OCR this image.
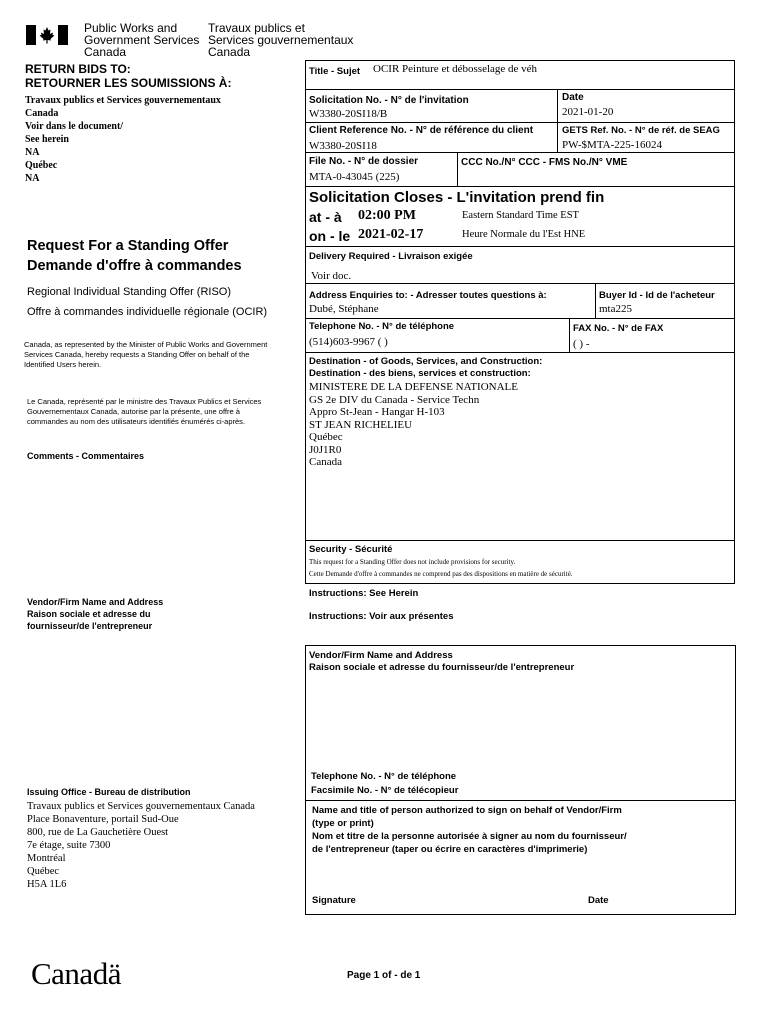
Public Works and
Government Services
Canada
Travaux publics et
Services gouvernementaux
Canada
RETURN BIDS TO:
RETOURNER LES SOUMISSIONS À:
Travaux publics et Services gouvernementaux
Canada
Voir dans le document/
See herein
NA
Québec
NA
Request For a Standing Offer
Demande d'offre à commandes
Regional Individual Standing Offer (RISO)
Offre à commandes individuelle régionale (OCIR)
Canada, as represented by the Minister of Public Works and Government Services Canada, hereby requests a Standing Offer on behalf of the Identified Users herein.
Le Canada, représenté par le ministre des Travaux Publics et Services Gouvernementaux Canada, autorise par la présente, une offre à commandes au nom des utilisateurs identifiés énumérés ci-après.
Comments - Commentaires
Vendor/Firm Name and Address
Raison sociale et adresse du
fournisseur/de l'entrepreneur
Issuing Office - Bureau de distribution
Travaux publics et Services gouvernementaux Canada
Place Bonaventure, portail Sud-Oue
800, rue de La Gauchetière Ouest
7e étage, suite 7300
Montréal
Québec
H5A 1L6
Title - Sujet OCIR Peinture et débosselage de véh
Solicitation No. - N° de l'invitation
W3380-20SI18/B
Date
2021-01-20
Client Reference No. - N° de référence du client
W3380-20SI18
GETS Ref. No. - N° de réf. de SEAG
PW-$MTA-225-16024
File No. - N° de dossier
MTA-0-43045 (225)
CCC No./N° CCC - FMS No./N° VME
Solicitation Closes - L'invitation prend fin
at - à 02:00 PM	Eastern Standard Time EST
on - le 2021-02-17	Heure Normale du l'Est HNE
Delivery Required - Livraison exigée
Voir doc.
Address Enquiries to: - Adresser toutes questions à:
Dubé, Stéphane
Buyer Id - Id de l'acheteur
mta225
Telephone No. - N° de téléphone
(514)603-9967 ( )
FAX No. - N° de FAX
( ) -
Destination - of Goods, Services, and Construction:
Destination - des biens, services et construction:
MINISTERE DE LA DEFENSE NATIONALE
GS 2e DIV du Canada - Service Techn
Appro St-Jean - Hangar H-103
ST JEAN RICHELIEU
Québec
J0J1R0
Canada
Security - Sécurité
This request for a Standing Offer does not include provisions for security.
Cette Demande d'offre à commandes ne comprend pas des dispositions en matière de sécurité.
Instructions: See Herein
Instructions: Voir aux présentes
Vendor/Firm Name and Address
Raison sociale et adresse du fournisseur/de l'entrepreneur
Telephone No. - N° de téléphone
Facsimile No. - N° de télécopieur
Name and title of person authorized to sign on behalf of Vendor/Firm
(type or print)
Nom et titre de la personne autorisée à signer au nom du fournisseur/
de l'entrepreneur (taper ou écrire en caractères d'imprimerie)
Signature	Date
Canadä	Page 1 of - de 1
